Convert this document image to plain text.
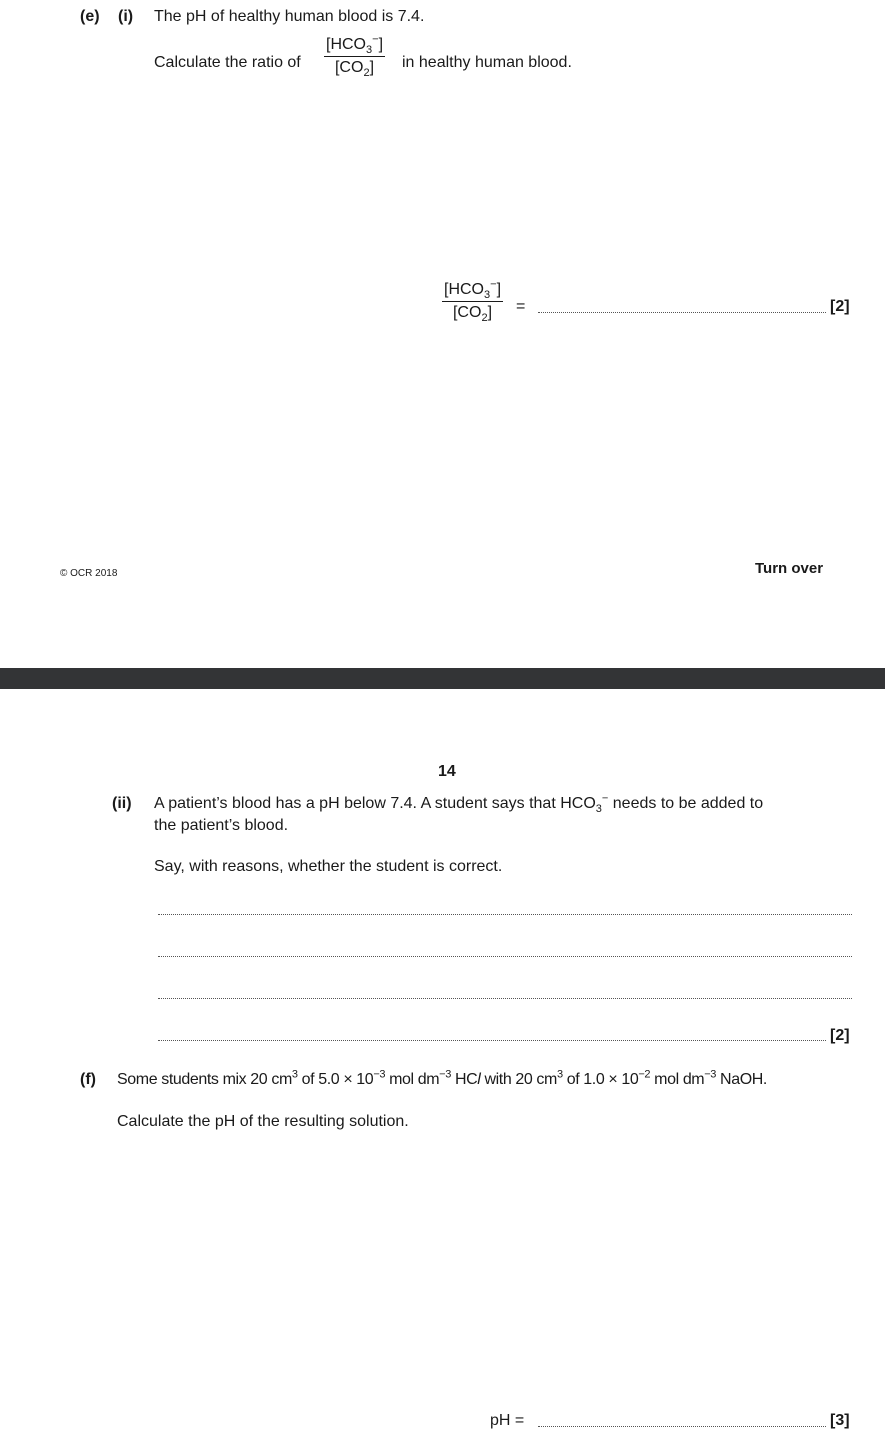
(e) (i) The pH of healthy human blood is 7.4.
Calculate the ratio of
$[HCO_3^-]$
$[CO_2]$	in healthy human blood.
$[HCO_3^-]$
$[CO_2]$	=	[2]
© OCR 2018	Turn over
14
(ii) A patient’s blood has a pH below 7.4. A student says that $HCO_3^-$ needs to be added to
the patient’s blood.
Say, with reasons, whether the student is correct.
[2]
(f) Some students mix 20 $cm^3$ of $5.0 \times 10^{-3}$ mol $dm^{-3}$ HCl with 20 $cm^3$ of $1.0 \times 10^{-2}$ mol $dm^{-3}$ NaOH.
Calculate the pH of the resulting solution.
pH =	[3]
